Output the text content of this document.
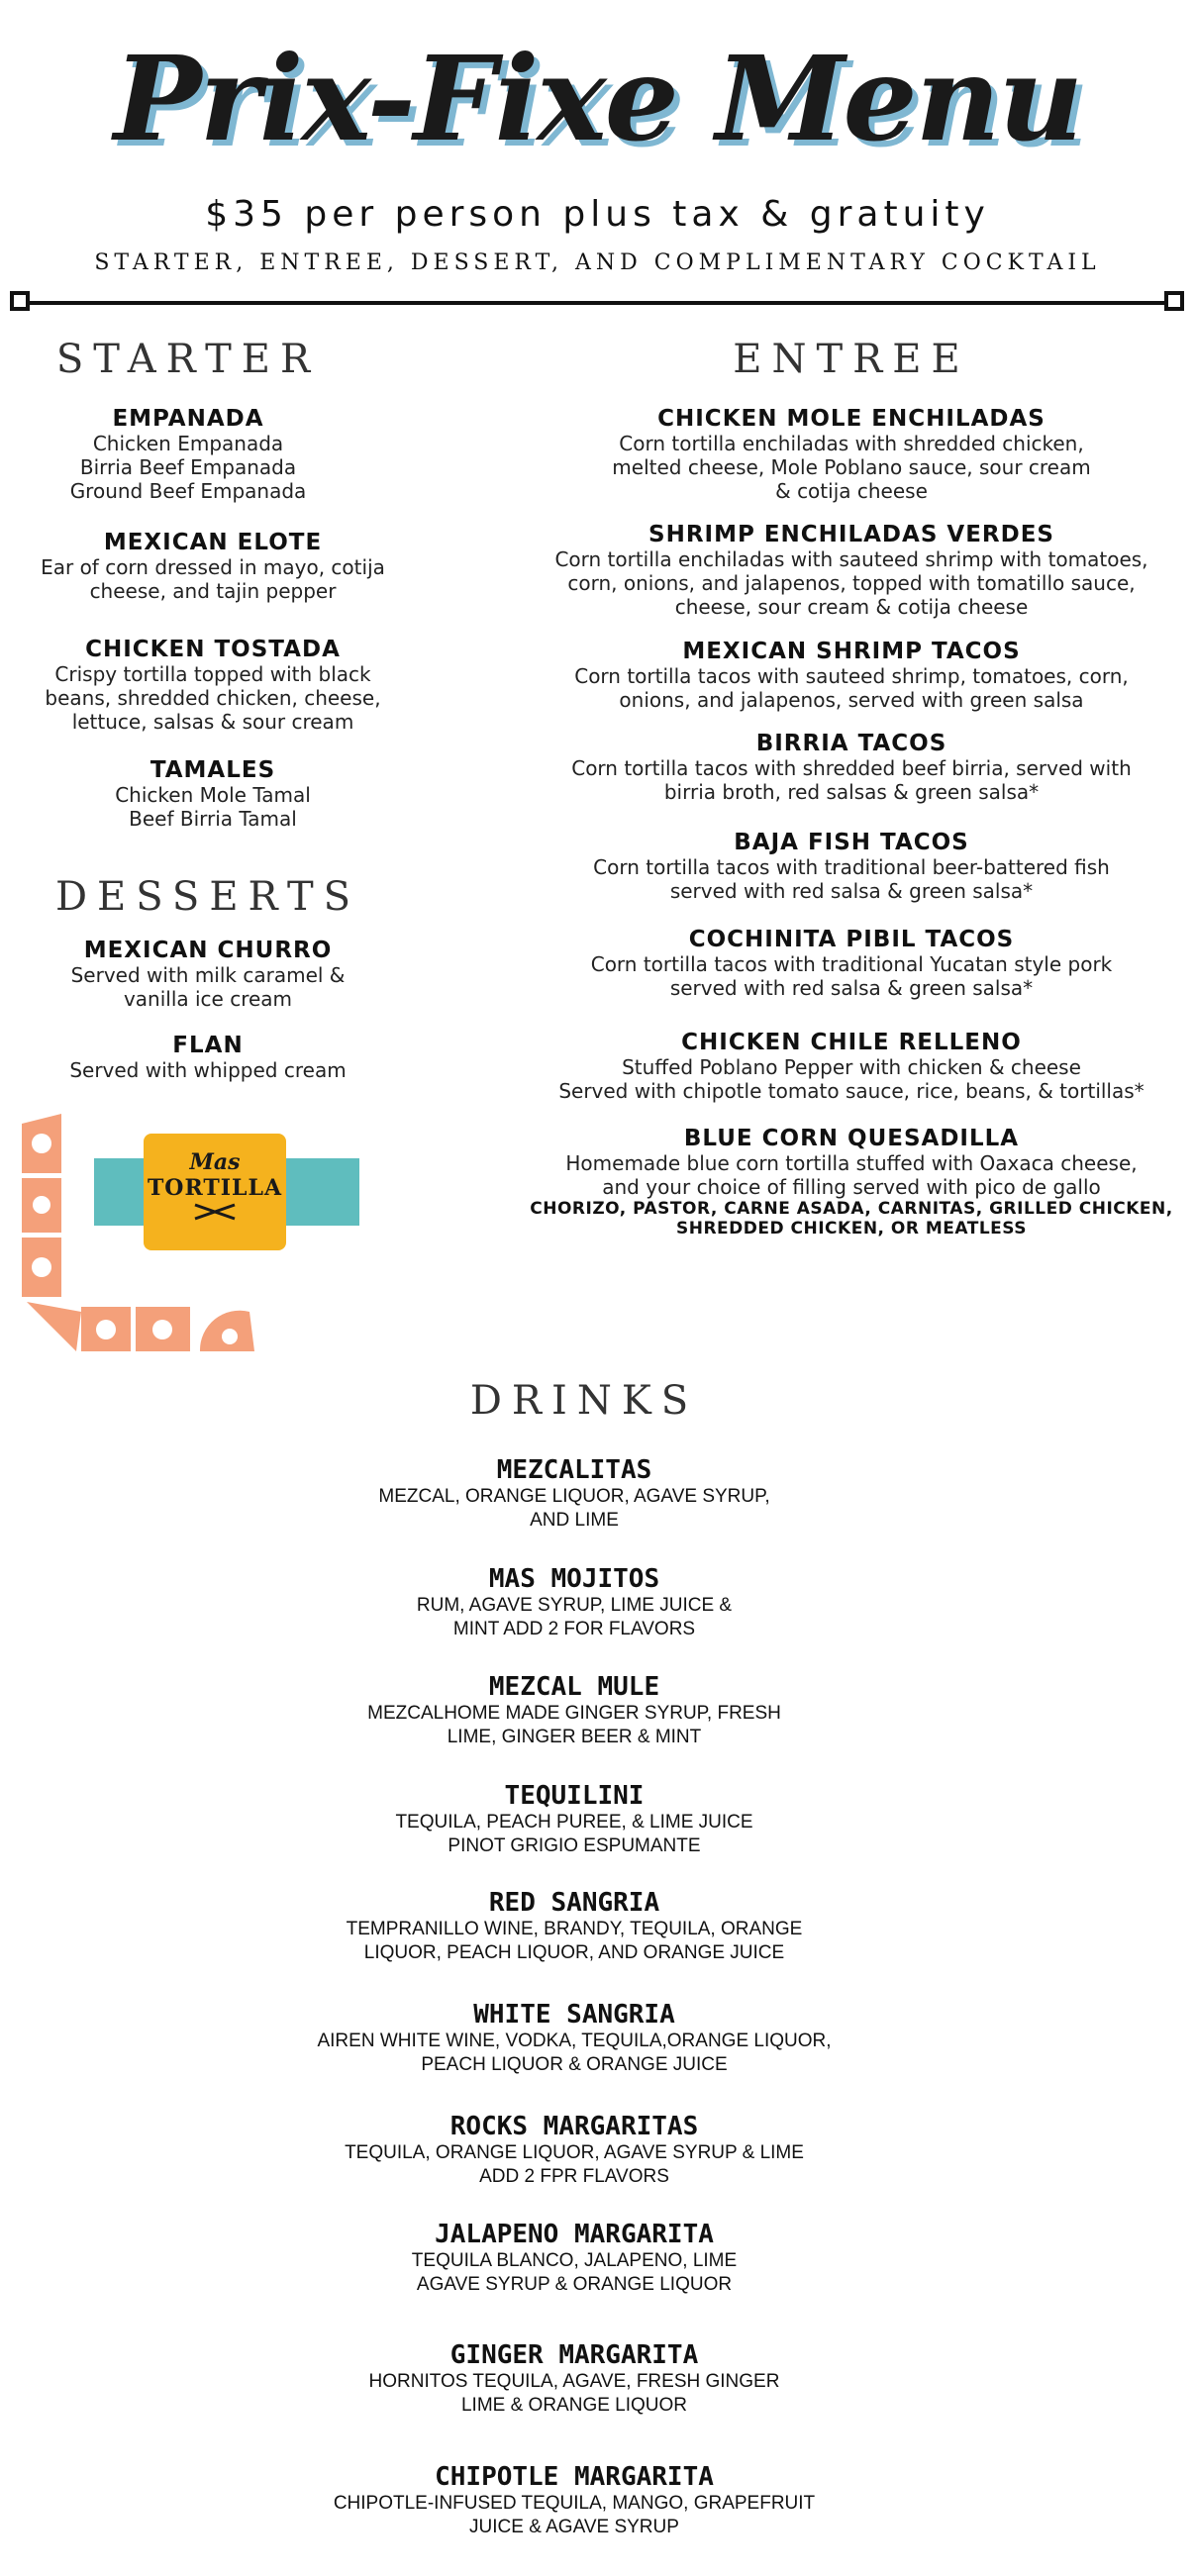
Prix-Fixe Menu
$35 per person plus tax & gratuity
STARTER, ENTREE, DESSERT, AND COMPLIMENTARY COCKTAIL
STARTER

EMPANADA

Chicken Empanada
Birria Beef Empanada
Ground Beef Empanada

MEXICAN ELOTE

Ear of corn dressed in mayo, cotija
cheese, and tajin pepper

CHICKEN TOSTADA

Crispy tortilla topped with black
beans, shredded chicken, cheese,
lettuce, salsas & sour cream

TAMALES

Chicken Mole Tamal
Beef Birria Tamal

DESSERTS

MEXICAN CHURRO

Served with milk caramel &
vanilla ice cream

FLAN

Served with whipped cream

Mas
TORTILLA
ENTREE

CHICKEN MOLE ENCHILADAS

Corn tortilla enchiladas with shredded chicken,
melted cheese, Mole Poblano sauce, sour cream
& cotija cheese

SHRIMP ENCHILADAS VERDES

Corn tortilla enchiladas with sauteed shrimp with tomatoes,
corn, onions, and jalapenos, topped with tomatillo sauce,
cheese, sour cream & cotija cheese

MEXICAN SHRIMP TACOS

Corn tortilla tacos with sauteed shrimp, tomatoes, corn,
onions, and jalapenos, served with green salsa

BIRRIA TACOS

Corn tortilla tacos with shredded beef birria, served with
birria broth, red salsas & green salsa*

BAJA FISH TACOS

Corn tortilla tacos with traditional beer-battered fish
served with red salsa & green salsa*

COCHINITA PIBIL TACOS

Corn tortilla tacos with traditional Yucatan style pork
served with red salsa & green salsa*

CHICKEN CHILE RELLENO

Stuffed Poblano Pepper with chicken & cheese
Served with chipotle tomato sauce, rice, beans, & tortillas*

BLUE CORN QUESADILLA

Homemade blue corn tortilla stuffed with Oaxaca cheese,
and your choice of filling served with pico de gallo

CHORIZO, PASTOR, CARNE ASADA, CARNITAS, GRILLED CHICKEN, SHREDDED CHICKEN, OR MEATLESS

DRINKS

MEZCALITAS

MEZCAL, ORANGE LIQUOR, AGAVE SYRUP,
AND LIME

MAS MOJITOS

RUM, AGAVE SYRUP, LIME JUICE &
MINT ADD 2 FOR FLAVORS

MEZCAL MULE

MEZCALHOME MADE GINGER SYRUP, FRESH
LIME, GINGER BEER & MINT

TEQUILINI

TEQUILA, PEACH PUREE, & LIME JUICE
PINOT GRIGIO ESPUMANTE

RED SANGRIA

TEMPRANILLO WINE, BRANDY, TEQUILA, ORANGE
LIQUOR, PEACH LIQUOR, AND ORANGE JUICE

WHITE SANGRIA

AIREN WHITE WINE, VODKA, TEQUILA,ORANGE LIQUOR,
PEACH LIQUOR & ORANGE JUICE

ROCKS MARGARITAS

TEQUILA, ORANGE LIQUOR, AGAVE SYRUP & LIME
ADD 2 FPR FLAVORS

JALAPENO MARGARITA

TEQUILA BLANCO, JALAPENO, LIME
AGAVE SYRUP & ORANGE LIQUOR

GINGER MARGARITA

HORNITOS TEQUILA, AGAVE, FRESH GINGER
LIME & ORANGE LIQUOR

CHIPOTLE MARGARITA

CHIPOTLE-INFUSED TEQUILA, MANGO, GRAPEFRUIT
JUICE & AGAVE SYRUP
